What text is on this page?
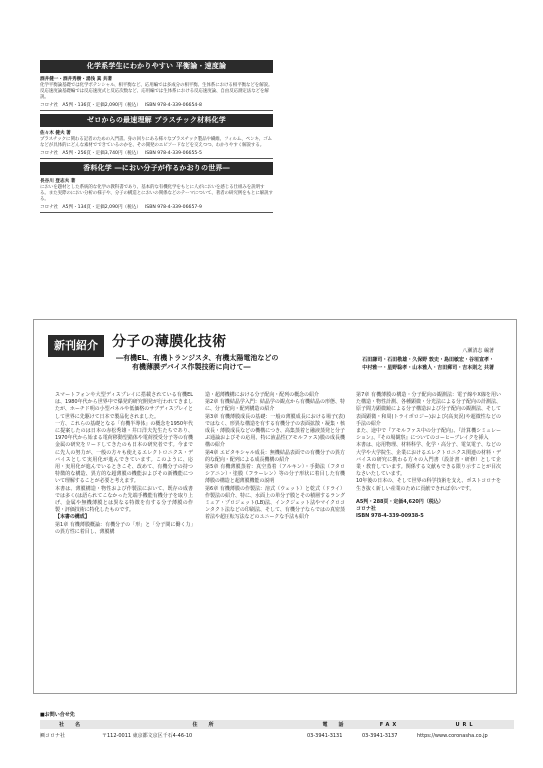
化学系学生にわかりやすい 平衡論・速度論
酒井健一・酒井秀樹・湯浅 真 共著
化学平衡論基礎では化学ポテンシャル、相平衡など、応用編では多成分の相平衡、生体系における相平衡などを解説。反応速度論基礎編では反応速度式と反応次数など、応用編では生体系における反応速度論、自由反応測定法などを解説。
コロナ社 A5判・136頁・定価2,090円（税込） ISBN 978-4-339-06654-8
ゼロからの最速理解 プラスチック材料化学
佐々木 健夫 著
プラスチックに関わる記者のための入門書。身の回りにある様々なプラスチック製品や繊維、フィルム、ペンキ、ゴムなどが具体的にどんな素材でできているのかを、その開発のエピソードなどを交えつつ、わかりやすく解説する。
コロナ社 A5判・256頁・定価3,740円（税込） ISBN 978-4-339-06655-5
香料化学 ―におい分子が作るかおりの世界―
長谷川 登志夫 著
においを題材とした系統的な化学の教科書であり、基本的な有機化学をもとに人がにおいを感じる仕組みを説明する。また実際のにおい分析の様子や、分子の構造とにおいの関係などのテーマについて、著者の研究例をもとに解説する。
コロナ社 A5判・134頁・定価2,090円（税込） ISBN 978-4-339-06657-9
新刊紹介	分子の薄膜化技術
―有機EL、有機トランジスタ、有機太陽電池などの
有機薄膜デバイス作製技術に向けて―
八瀬清志 編著
石田謙司・石田敬雄・久保野 敦史・島田敏宏・谷垣宣孝・
中村雅一・星野聡孝・山本雅人・吉田郵司・吉本則之 共著

スマートフォンや大型ディスプレイに搭載されている有機ELは、1980年代から世界中で爆発的研究開発が行われてきましたが、ホーチド明の小型パネルや低価格のサブディスプレイとして世界に先駆けて日本で製品化されました。

一方、これらの基礎となる「有機半導体」の概念を1950年代に提案したのは日本の赤松秀雄・井口洋夫先生たちであり、1970年代から始まる電荷移動型錯体や電荷授受分子等の有機金属の研究をリードしてきたのも日本の研究者です。今までに先人の努力が、一般の方々も使えるエレクトロニクス・デバイスとして実用化が進んできています。このように、応用・実用化が進んでいるときこそ、改めて、有機分子の持つ特徴的な構造、異方的な超薄膜の機能およびその新機能について理解することが必要と考えます。

本書は、薄膜構造・物性および作製法において、既存の成書では多く(は語られてこなかった先端手機能有機分子を取り上げ、金属や無機薄膜とは異なる特徴を有する分子薄膜の作製・評価技術に特化したものです。

【本書の構成】

第1章 有機薄膜概論：有機分子の「形」と「分子間に働く力」の異方性に着目し、薄膜構

造・超薄機構における分子配向・配列の概念の紹介

第2章 有機結晶学入門：結晶学の観点から有機結晶の形態、特に、分子配向・配列構造の紹介

第3章 有機薄膜成長の基礎：一般の薄膜成長における場子(表)ではなく、形異な構造を有する有機分子の表面拡散・凝集・核成長・薄膜成長などの機構につき、高集蒸着と融液蒸発と分子ぶ通論およびその応用、特に液晶性(アモルファス)膜の成長機構の紹介

第4章 エピタキシャル成長：無機結晶表面での有機分子の異方的な配向・配列による成長機構の紹介

第5章 有機薄膜蒸着：真空蒸着（アルキン）・手動法（フタロシアニン）・塗膜（フラーレン）等の分子形状に着目した有機薄膜の構造と超薄膜機能の説明

第6章 有機薄膜の作製法：溶式（ウェット）と乾式（ドライ）作製法の紹介、特に、水面上の単分子膜とその積層するラングミュア・プロジェット(LB)法、インクジェット法やマイクロコンタクト法などの印刷法、そして、有機分子ならではの真密蒸着法や超圧転写法などのユニークな手法も紹介

第7章 有機薄膜の構造・分子配向の観測法：電子線やX線を用いた構造・物性計測、各種顕微・分光法による分子配向の計測法、原子間力顕微鏡による分子構造および分子配向の観測法、そして表面顕微・和周(トライボロジー)および(高実況)や超微性などの手法の紹介

また、途中で『アモルファス中の分子配向』、『計算機シミュレーション』、『その場観察』についてのコーヒーブレイクを挿入

本書は、応用物理、材料科学、化学・高分子、電気電子、などの大学や大学院生、企業におけるエレクトロニクス関連の材料・デバイスの研究に携わる方々の入門書（設計書・研修）として企業・教育しています。関係する文献もできる限り示すことが目次なさいたしています。

10年後の日本の、そして世界の科学技術を支え、ポストコロナを生き抜く新しい産業のために貢献できれば幸いです。

A5判・288頁・定価4,620円（税込）
コロナ社
ISBN 978-4-339-00938-5
■お問い合せ先
社　名	住　所	電　話	FAX	URL
㈱コロナ社	〒112-0011 東京都文京区千石4-46-10	03-3941-3131	03-3941-3137	https://www.coronasha.co.jp
